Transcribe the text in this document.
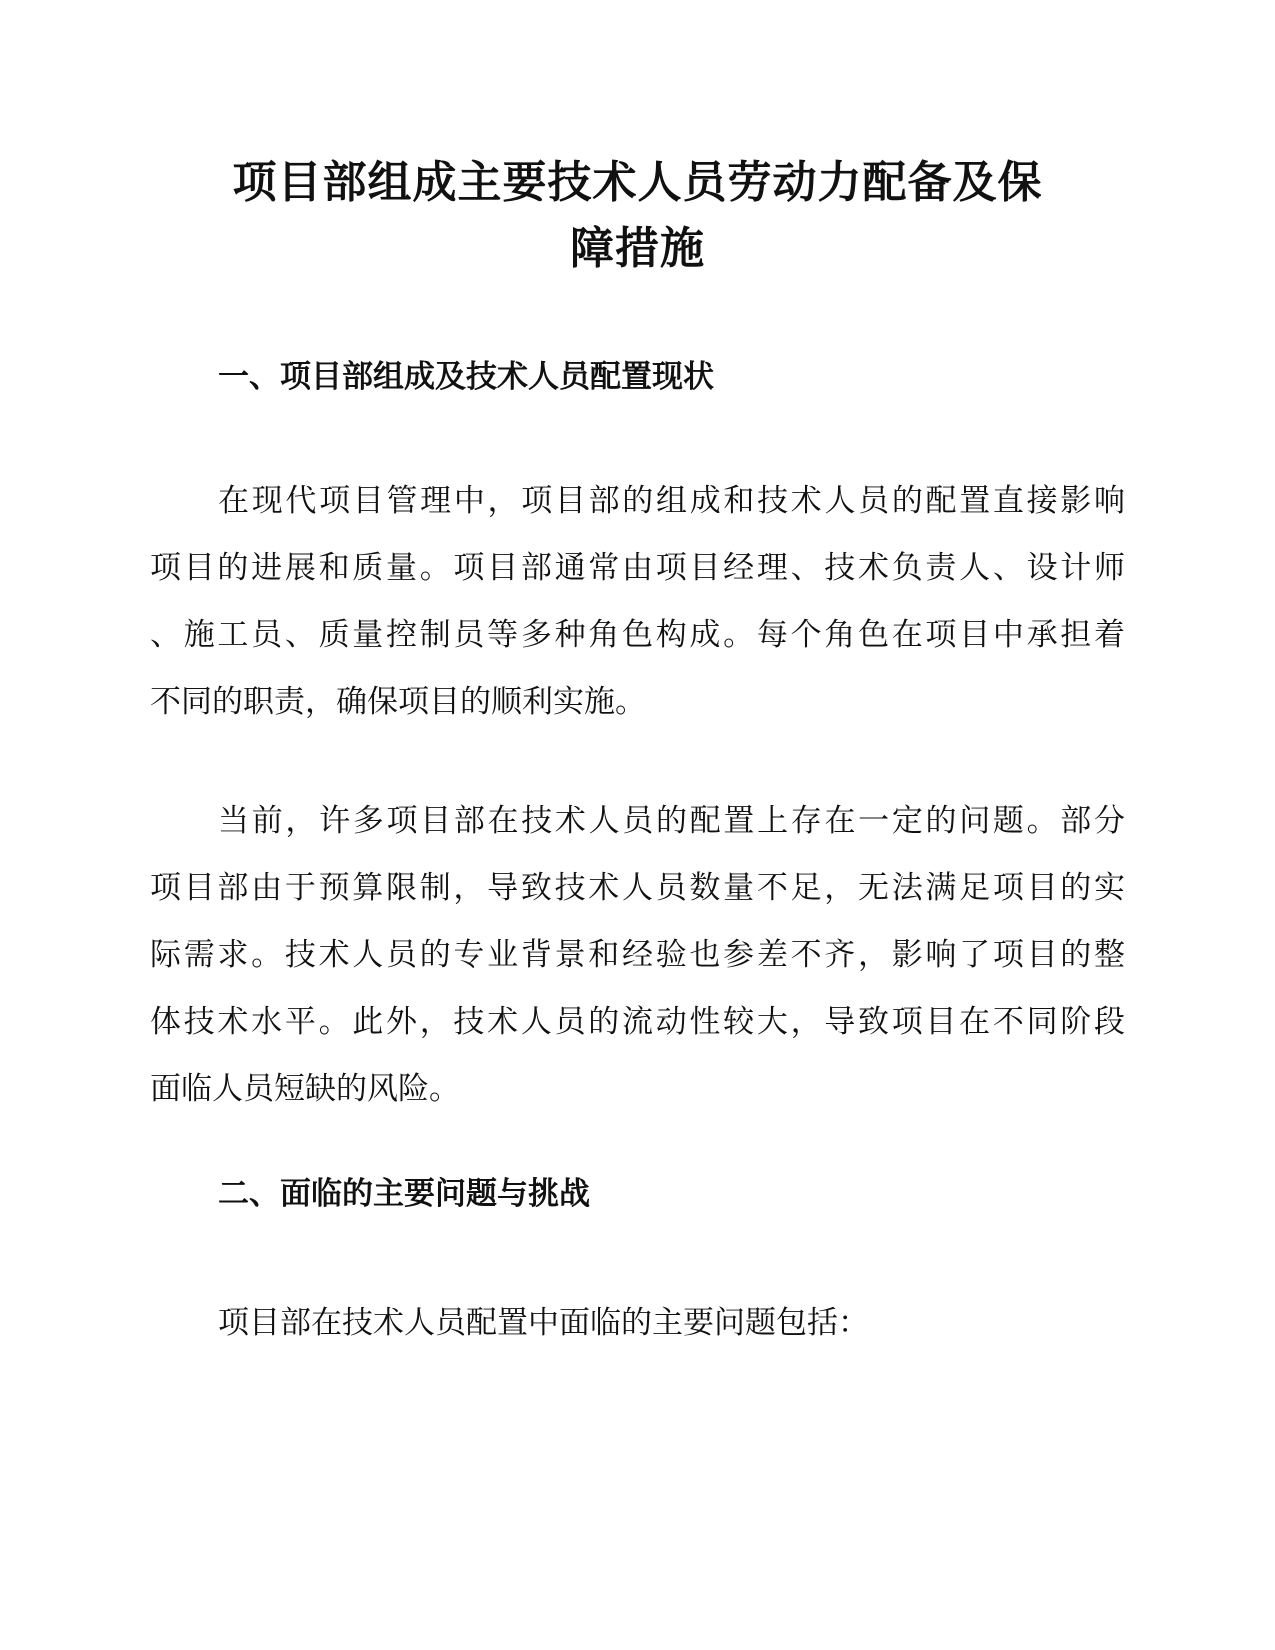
项目部组成主要技术人员劳动力配备及保
障措施
一、项目部组成及技术人员配置现状

在现代项目管理中，项目部的组成和技术人员的配置直接影响
项目的进展和质量。项目部通常由项目经理、技术负责人、设计师
、施工员、质量控制员等多种角色构成。每个角色在项目中承担着
不同的职责，确保项目的顺利实施。

当前，许多项目部在技术人员的配置上存在一定的问题。部分
项目部由于预算限制，导致技术人员数量不足，无法满足项目的实
际需求。技术人员的专业背景和经验也参差不齐，影响了项目的整
体技术水平。此外，技术人员的流动性较大，导致项目在不同阶段
面临人员短缺的风险。

二、面临的主要问题与挑战

项目部在技术人员配置中面临的主要问题包括：
